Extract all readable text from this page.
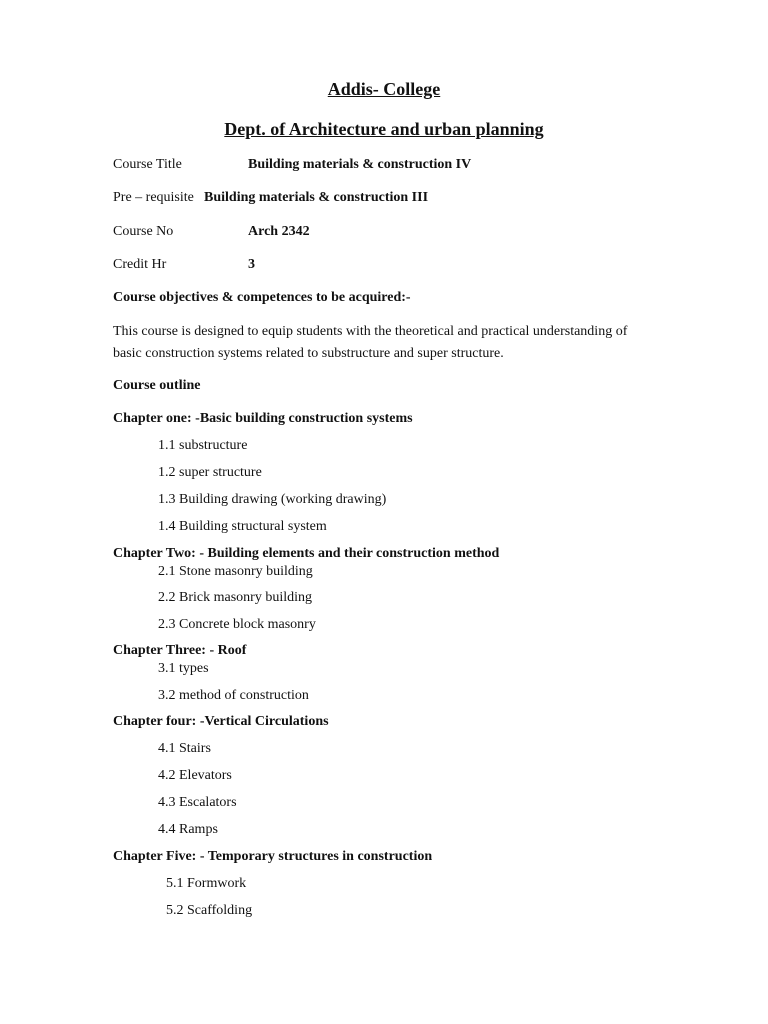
Addis- College
Dept. of Architecture and urban planning
Course Title	Building materials & construction IV
Pre – requisite Building materials & construction III
Course No	Arch 2342
Credit Hr	3
Course objectives & competences to be acquired:-
This course is designed to equip students with the theoretical and practical understanding of basic construction systems related to substructure and super structure.
Course outline
Chapter one: -Basic building construction systems
1.1 substructure
1.2 super structure
1.3 Building drawing (working drawing)
1.4 Building structural system
Chapter Two: - Building elements and their construction method
2.1 Stone masonry building
2.2 Brick masonry building
2.3 Concrete block masonry
Chapter Three: - Roof
3.1 types
3.2 method of construction
Chapter four: -Vertical Circulations
4.1 Stairs
4.2 Elevators
4.3 Escalators
4.4 Ramps
Chapter Five: - Temporary structures in construction
5.1 Formwork
5.2 Scaffolding
